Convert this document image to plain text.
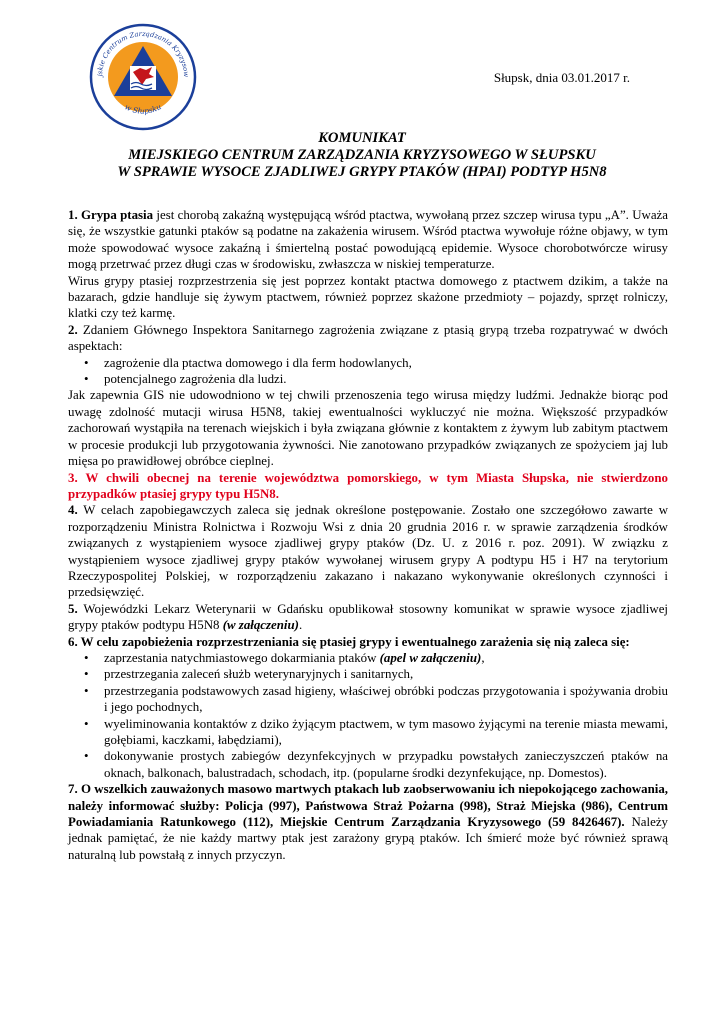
jskie Centrum Zarządzania Kryzysow
w Słupsku
Słupsk, dnia 03.01.2017 r.
KOMUNIKAT
MIEJSKIEGO CENTRUM ZARZĄDZANIA KRYZYSOWEGO W SŁUPSKU
W SPRAWIE WYSOCE ZJADLIWEJ GRYPY PTAKÓW (HPAI) PODTYP H5N8

1. Grypa ptasia jest chorobą zakaźną występującą wśród ptactwa, wywołaną przez szczep wirusa typu „A”. Uważa się, że wszystkie gatunki ptaków są podatne na zakażenia wirusem. Wśród ptactwa wywołuje różne objawy, w tym może spowodować wysoce zakaźną i śmiertelną postać powodującą epidemie. Wysoce chorobotwórcze wirusy mogą przetrwać przez długi czas w środowisku, zwłaszcza w niskiej temperaturze.

Wirus grypy ptasiej rozprzestrzenia się jest poprzez kontakt ptactwa domowego z ptactwem dzikim, a także na bazarach, gdzie handluje się żywym ptactwem, również poprzez skażone przedmioty – pojazdy, sprzęt rolniczy, klatki czy też karmę.

2. Zdaniem Głównego Inspektora Sanitarnego zagrożenia związane z ptasią grypą trzeba rozpatrywać w dwóch aspektach:

• zagrożenie dla ptactwa domowego i dla ferm hodowlanych,
• potencjalnego zagrożenia dla ludzi.

Jak zapewnia GIS nie udowodniono w tej chwili przenoszenia tego wirusa między ludźmi. Jednakże biorąc pod uwagę zdolność mutacji wirusa H5N8, takiej ewentualności wykluczyć nie można. Większość przypadków zachorowań wystąpiła na terenach wiejskich i była związana głównie z kontaktem z żywym lub zabitym ptactwem w procesie produkcji lub przygotowania żywności. Nie zanotowano przypadków związanych ze spożyciem jaj lub mięsa po prawidłowej obróbce cieplnej.

3. W chwili obecnej na terenie województwa pomorskiego, w tym Miasta Słupska, nie stwierdzono przypadków ptasiej grypy typu H5N8.

4. W celach zapobiegawczych zaleca się jednak określone postępowanie. Zostało one szczegółowo zawarte w rozporządzeniu Ministra Rolnictwa i Rozwoju Wsi z dnia 20 grudnia 2016 r. w sprawie zarządzenia środków związanych z wystąpieniem wysoce zjadliwej grypy ptaków (Dz. U. z 2016 r. poz. 2091). W związku z wystąpieniem wysoce zjadliwej grypy ptaków wywołanej wirusem grypy A podtypu H5 i H7 na terytorium Rzeczypospolitej Polskiej, w rozporządzeniu zakazano i nakazano wykonywanie określonych czynności i przedsięwzięć.

5. Wojewódzki Lekarz Weterynarii w Gdańsku opublikował stosowny komunikat w sprawie wysoce zjadliwej grypy ptaków podtypu H5N8 (w załączeniu).

6. W celu zapobieżenia rozprzestrzeniania się ptasiej grypy i ewentualnego zarażenia się nią zaleca się:

• zaprzestania natychmiastowego dokarmiania ptaków (apel w załączeniu),
• przestrzegania zaleceń służb weterynaryjnych i sanitarnych,
• przestrzegania podstawowych zasad higieny, właściwej obróbki podczas przygotowania i spożywania drobiu i jego pochodnych,
• wyeliminowania kontaktów z dziko żyjącym ptactwem, w tym masowo żyjącymi na terenie miasta mewami, gołębiami, kaczkami, łabędziami),
• dokonywanie prostych zabiegów dezynfekcyjnych w przypadku powstałych zanieczyszczeń ptaków na oknach, balkonach, balustradach, schodach, itp. (popularne środki dezynfekujące, np. Domestos).

7. O wszelkich zauważonych masowo martwych ptakach lub zaobserwowaniu ich niepokojącego zachowania, należy informować służby: Policja (997), Państwowa Straż Pożarna (998), Straż Miejska (986), Centrum Powiadamiania Ratunkowego (112), Miejskie Centrum Zarządzania Kryzysowego (59 8426467). Należy jednak pamiętać, że nie każdy martwy ptak jest zarażony grypą ptaków. Ich śmierć może być również sprawą naturalną lub powstałą z innych przyczyn.
